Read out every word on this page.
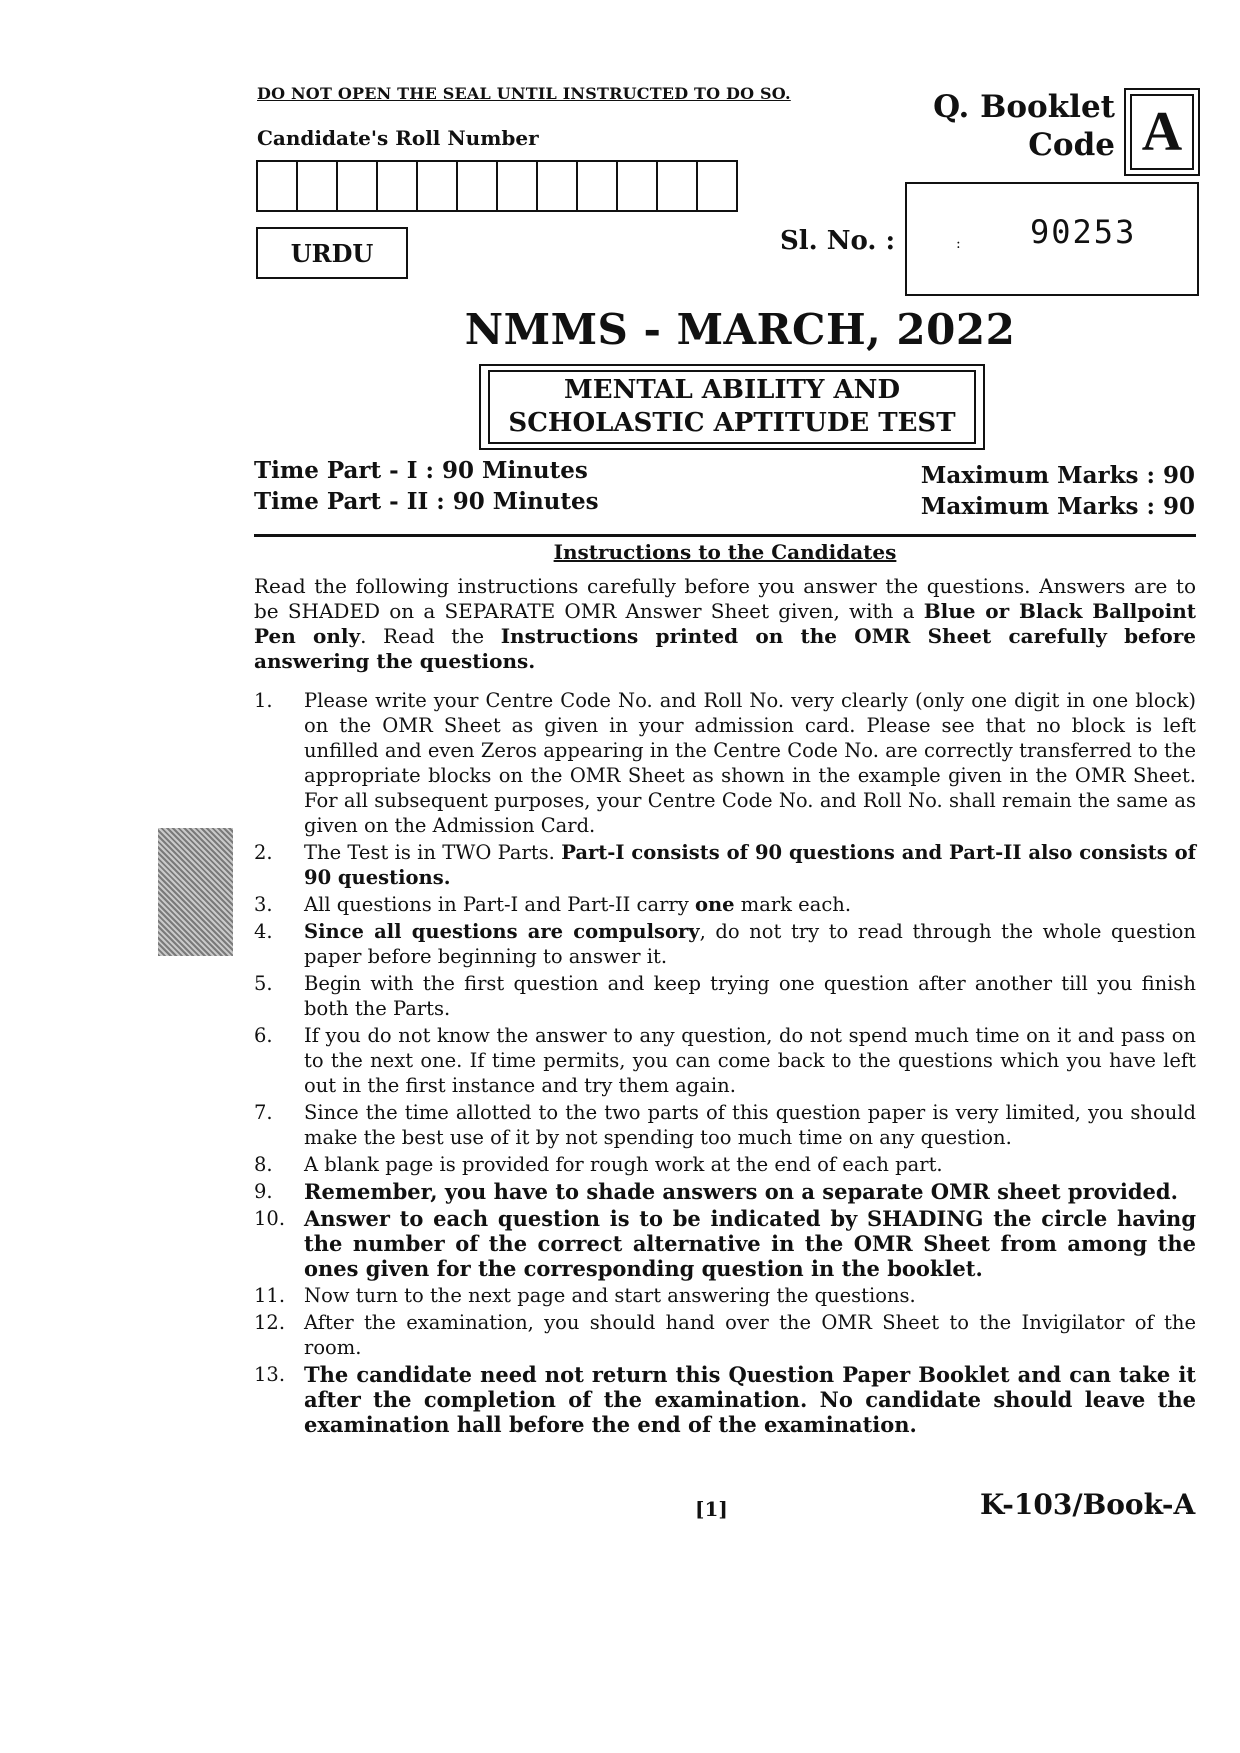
DO NOT OPEN THE SEAL UNTIL INSTRUCTED TO DO SO.
Candidate's Roll Number
URDU
Q. Booklet
Code A
Sl. No. :	: 90253
NMMS - MARCH, 2022
MENTAL ABILITY AND
SCHOLASTIC APTITUDE TEST
Time Part - I : 90 Minutes
Time Part - II : 90 Minutes
Maximum Marks : 90
Maximum Marks : 90
Instructions to the Candidates
Read the following instructions carefully before you answer the questions. Answers are to be SHADED on a SEPARATE OMR Answer Sheet given, with a Blue or Black Ballpoint Pen only. Read the Instructions printed on the OMR Sheet carefully before answering the questions.
1.	Please write your Centre Code No. and Roll No. very clearly (only one digit in one block) on the OMR Sheet as given in your admission card. Please see that no block is left unfilled and even Zeros appearing in the Centre Code No. are correctly transferred to the appropriate blocks on the OMR Sheet as shown in the example given in the OMR Sheet. For all subsequent purposes, your Centre Code No. and Roll No. shall remain the same as given on the Admission Card.
2.	The Test is in TWO Parts. Part-I consists of 90 questions and Part-II also consists of 90 questions.
3.	All questions in Part-I and Part-II carry one mark each.
4.	Since all questions are compulsory, do not try to read through the whole question paper before beginning to answer it.
5.	Begin with the first question and keep trying one question after another till you finish both the Parts.
6.	If you do not know the answer to any question, do not spend much time on it and pass on to the next one. If time permits, you can come back to the questions which you have left out in the first instance and try them again.
7.	Since the time allotted to the two parts of this question paper is very limited, you should make the best use of it by not spending too much time on any question.
8.	A blank page is provided for rough work at the end of each part.
9.	Remember, you have to shade answers on a separate OMR sheet provided.
10. Answer to each question is to be indicated by SHADING the circle having the number of the correct alternative in the OMR Sheet from among the ones given for the corresponding question in the booklet.
11. Now turn to the next page and start answering the questions.
12. After the examination, you should hand over the OMR Sheet to the Invigilator of the room.
13. The candidate need not return this Question Paper Booklet and can take it after the completion of the examination. No candidate should leave the examination hall before the end of the examination.
[1]	K-103/Book-A
